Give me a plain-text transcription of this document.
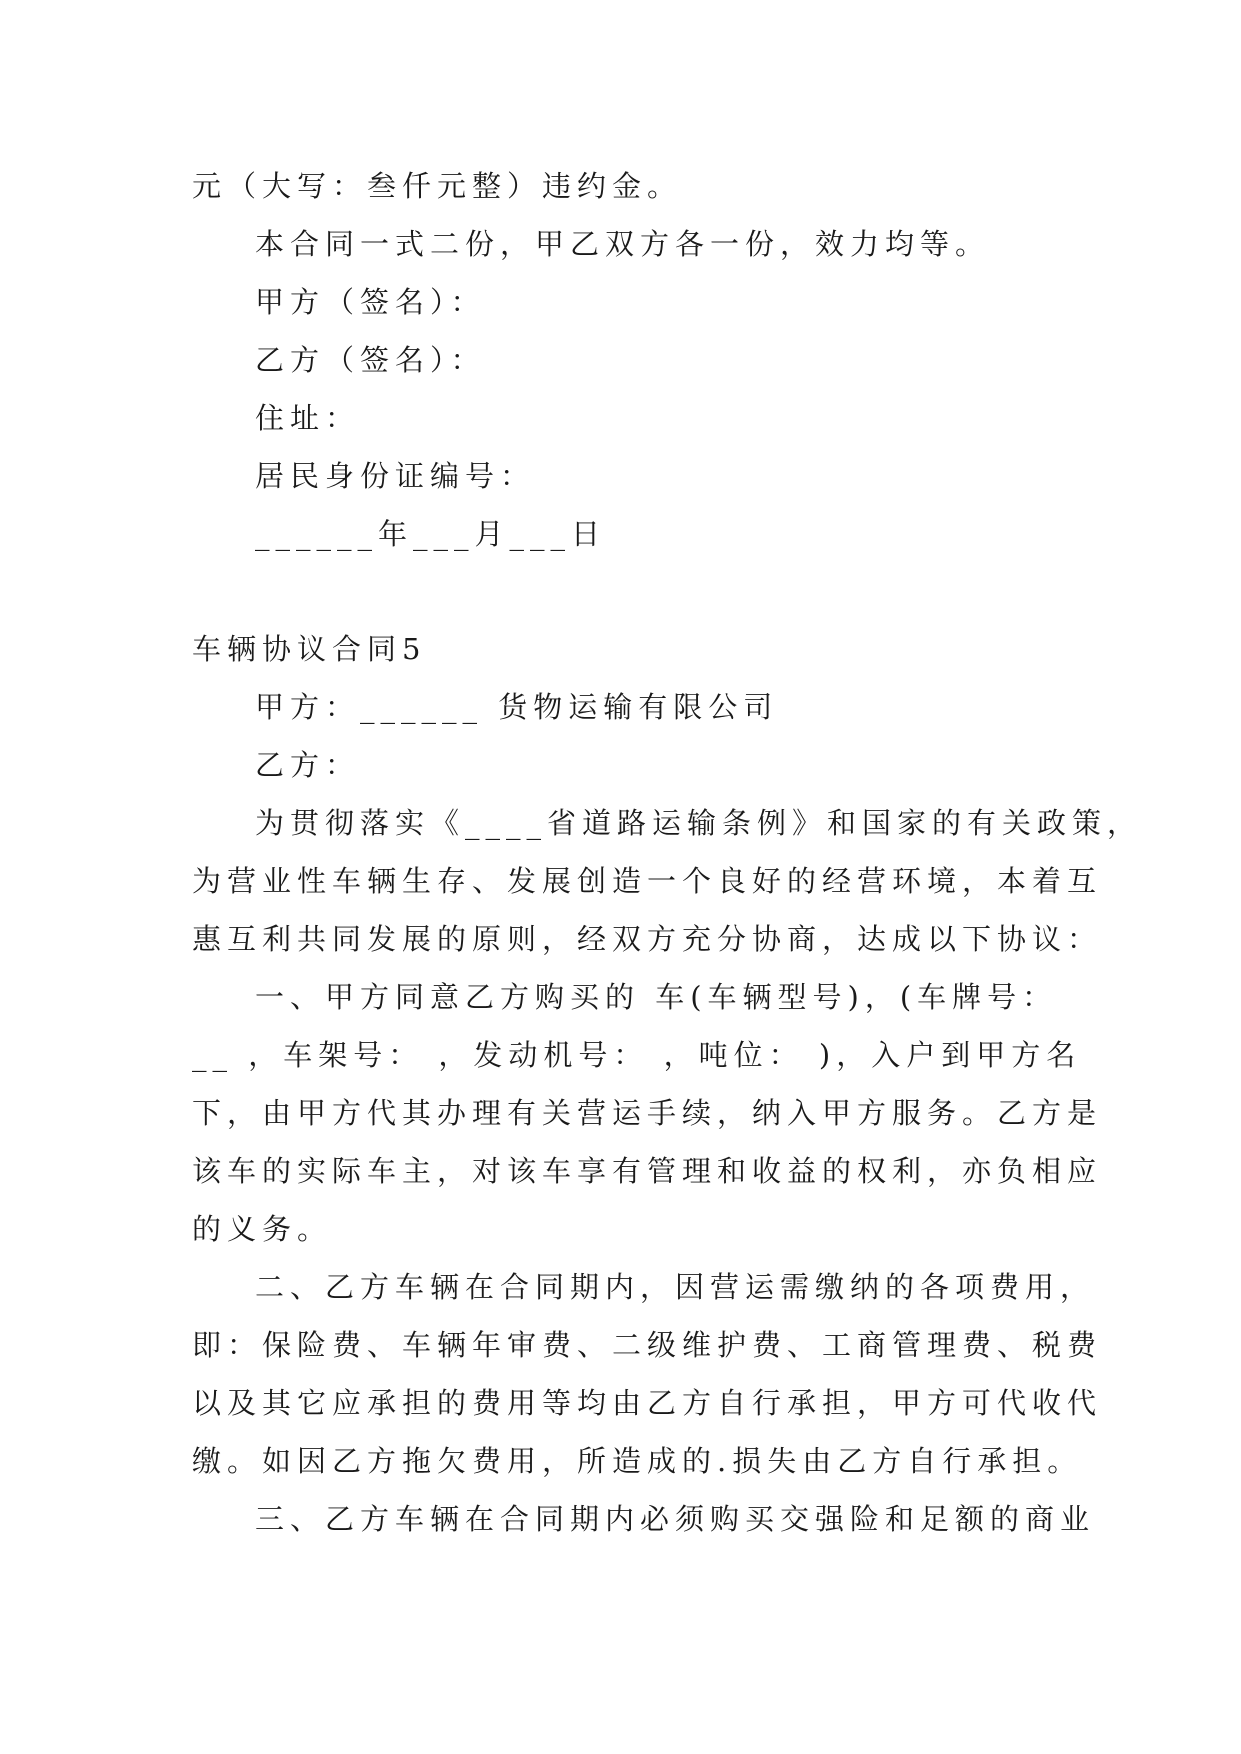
元（大写：叁仟元整）违约金。
本合同一式二份，甲乙双方各一份，效力均等。
甲方（签名）：
乙方（签名）：
住址：
居民身份证编号：
______年___月___日
车辆协议合同5
甲方：______ 货物运输有限公司
乙方：
为贯彻落实《____省道路运输条例》和国家的有关政策，
为营业性车辆生存、发展创造一个良好的经营环境，本着互
惠互利共同发展的原则，经双方充分协商，达成以下协议：
一、甲方同意乙方购买的 车(车辆型号)，(车牌号：
__ ，车架号： ，发动机号： ，吨位： )，入户到甲方名
下，由甲方代其办理有关营运手续，纳入甲方服务。乙方是
该车的实际车主，对该车享有管理和收益的权利，亦负相应
的义务。
二、乙方车辆在合同期内，因营运需缴纳的各项费用，
即：保险费、车辆年审费、二级维护费、工商管理费、税费
以及其它应承担的费用等均由乙方自行承担，甲方可代收代
缴。如因乙方拖欠费用，所造成的.损失由乙方自行承担。
三、乙方车辆在合同期内必须购买交强险和足额的商业
